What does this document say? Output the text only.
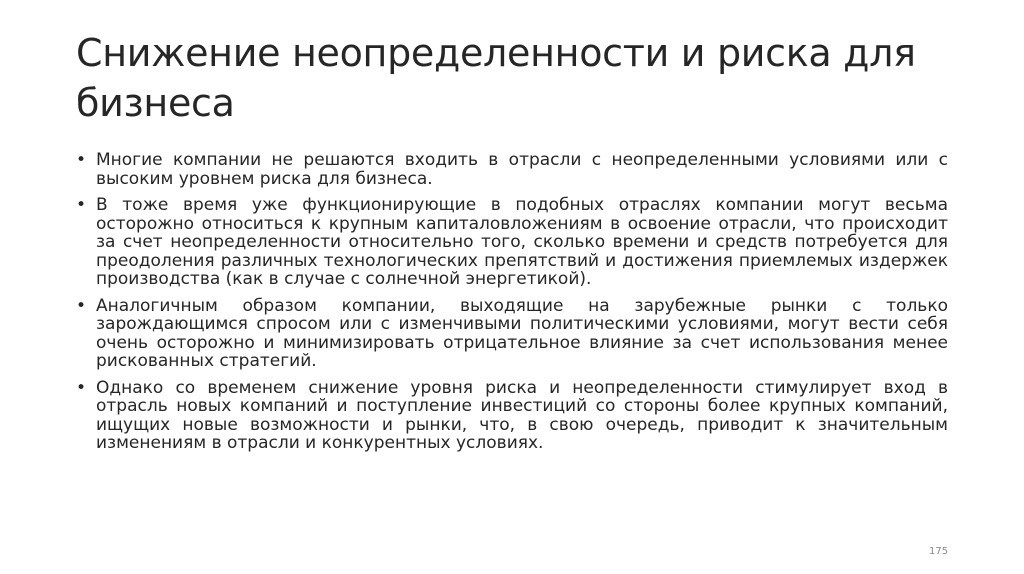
Снижение неопределенности и риска для бизнеса
• Многие компании не решаются входить в отрасли с неопределенными условиями или с высоким уровнем риска для бизнеса.
• В тоже время уже функционирующие в подобных отраслях компании могут весьма осторожно относиться к крупным капиталовложениям в освоение отрасли, что происходит за счет неопределенности относительно того, сколько времени и средств потребуется для преодоления различных технологических препятствий и достижения приемлемых издержек производства (как в случае с солнечной энергетикой).
• Аналогичным образом компании, выходящие на зарубежные рынки с только зарождающимся спросом или с изменчивыми политическими условиями, могут вести себя очень осторожно и минимизировать отрицательное влияние за счет использования менее рискованных стратегий.
• Однако со временем снижение уровня риска и неопределенности стимулирует вход в отрасль новых компаний и поступление инвестиций со стороны более крупных компаний, ищущих новые возможности и рынки, что, в свою очередь, приводит к значительным изменениям в отрасли и конкурентных условиях.
175
